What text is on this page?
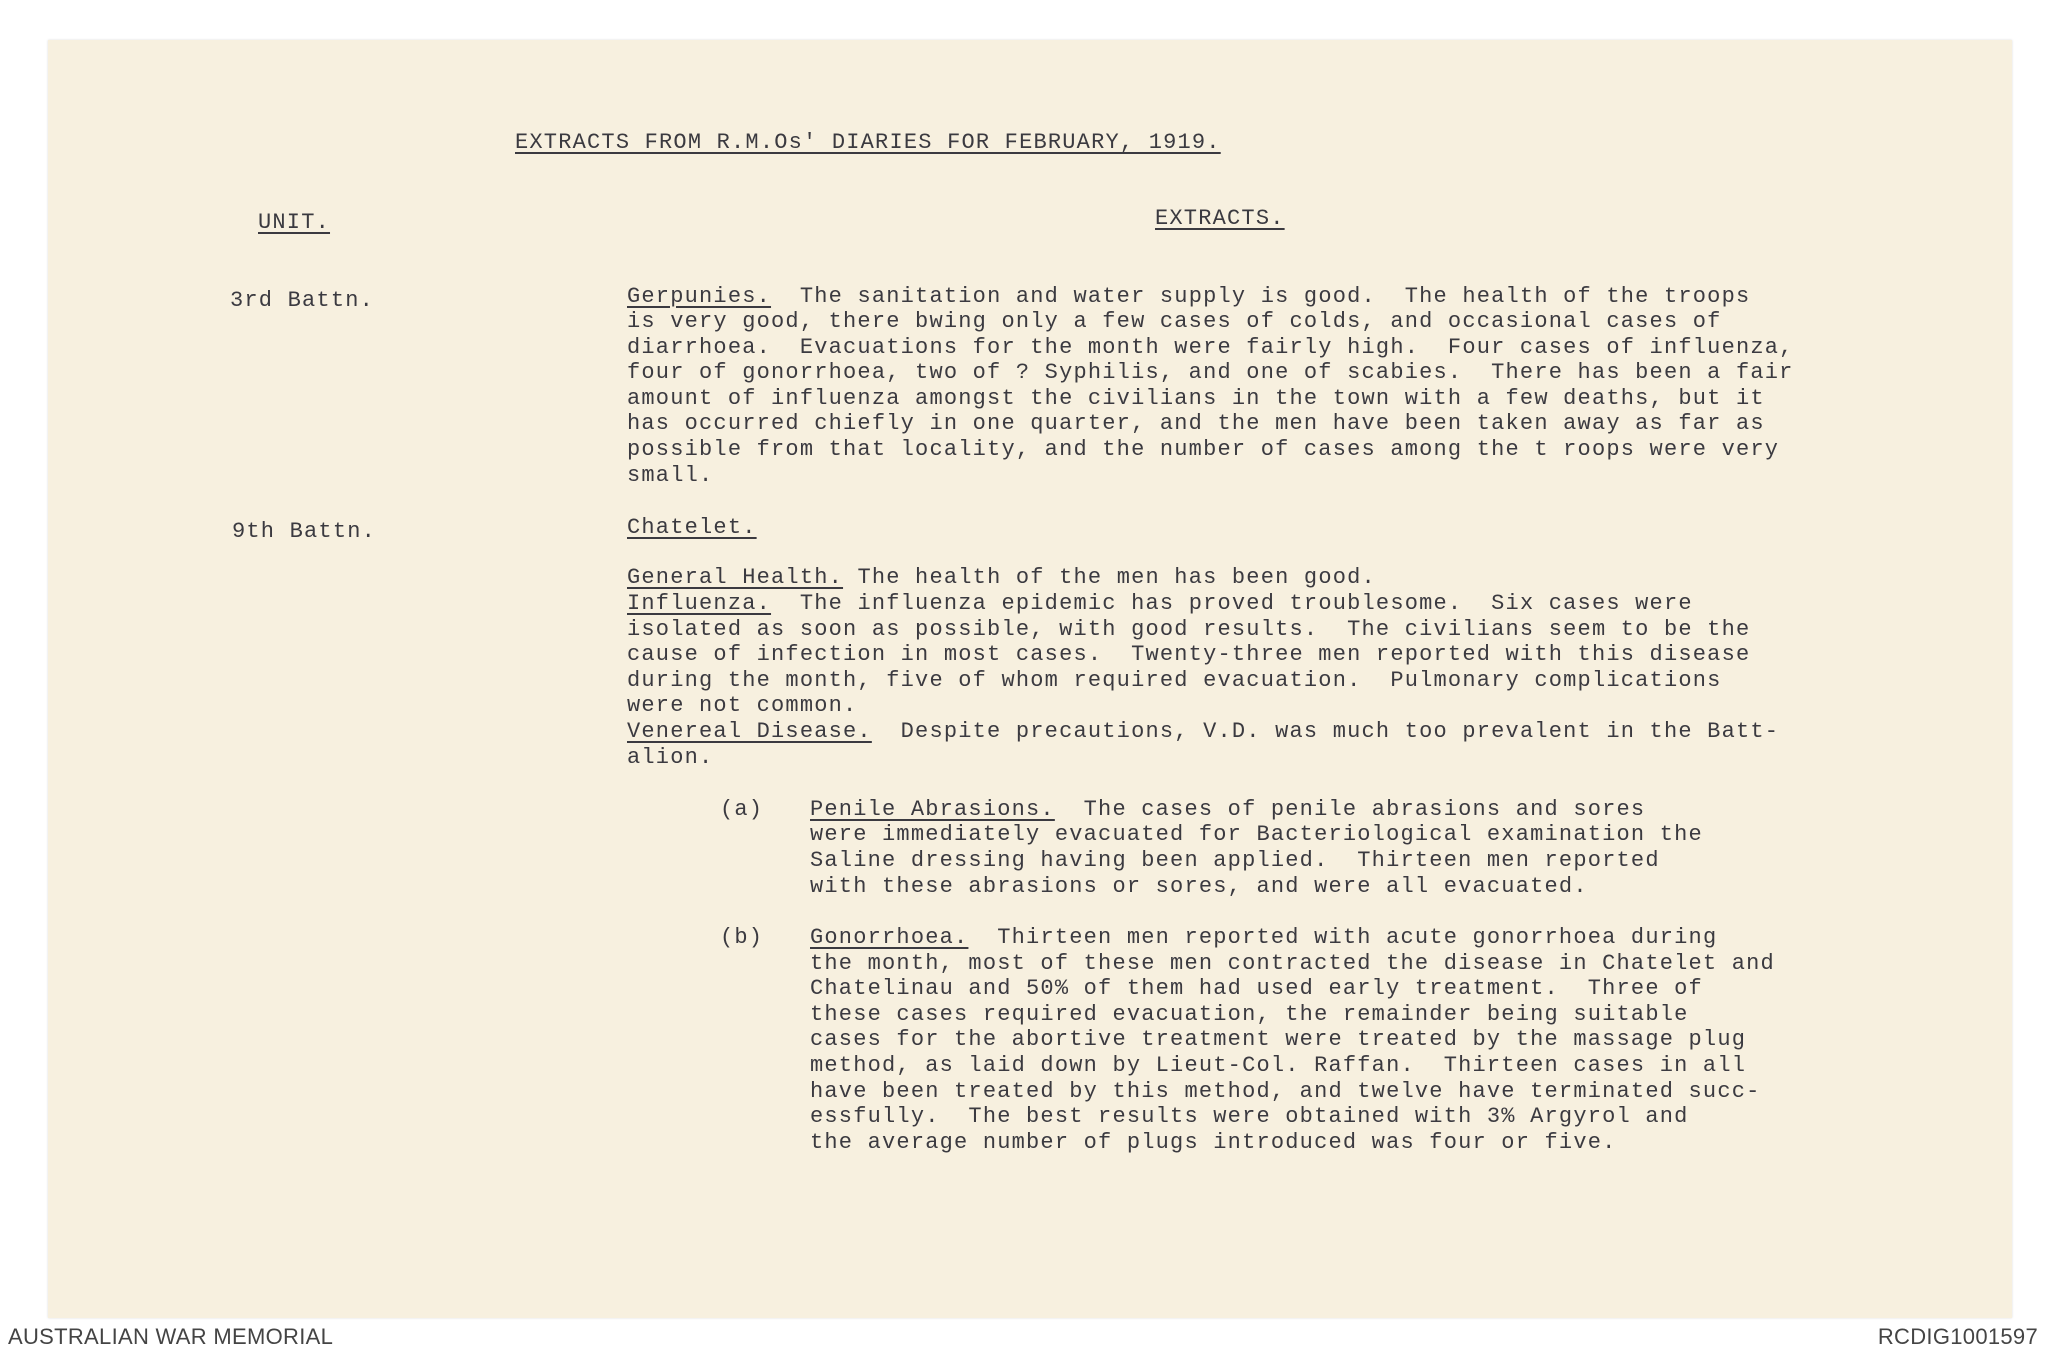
EXTRACTS FROM R.M.Os' DIARIES FOR FEBRUARY, 1919.
UNIT.	EXTRACTS.
3rd Battn.	Gerpunies.  The sanitation and water supply is good.  The health of the troops
is very good, there bwing only a few cases of colds, and occasional cases of
diarrhoea.  Evacuations for the month were fairly high.  Four cases of influenza,
four of gonorrhoea, two of ? Syphilis, and one of scabies.  There has been a fair
amount of influenza amongst the civilians in the town with a few deaths, but it
has occurred chiefly in one quarter, and the men have been taken away as far as
possible from that locality, and the number of cases among the t roops were very
small.
9th Battn.	Chatelet.
General Health. The health of the men has been good.
Influenza.  The influenza epidemic has proved troublesome.  Six cases were
isolated as soon as possible, with good results.  The civilians seem to be the
cause of infection in most cases.  Twenty-three men reported with this disease
during the month, five of whom required evacuation.  Pulmonary complications
were not common.
Venereal Disease.  Despite precautions, V.D. was much too prevalent in the Batt-
alion.
(a) Penile Abrasions.  The cases of penile abrasions and sores
were immediately evacuated for Bacteriological examination the
Saline dressing having been applied.  Thirteen men reported
with these abrasions or sores, and were all evacuated.
(b) Gonorrhoea.  Thirteen men reported with acute gonorrhoea during
the month, most of these men contracted the disease in Chatelet and
Chatelinau and 50% of them had used early treatment.  Three of
these cases required evacuation, the remainder being suitable
cases for the abortive treatment were treated by the massage plug
method, as laid down by Lieut-Col. Raffan.  Thirteen cases in all
have been treated by this method, and twelve have terminated succ-
essfully.  The best results were obtained with 3% Argyrol and
the average number of plugs introduced was four or five.
AUSTRALIAN WAR MEMORIAL	RCDIG1001597
